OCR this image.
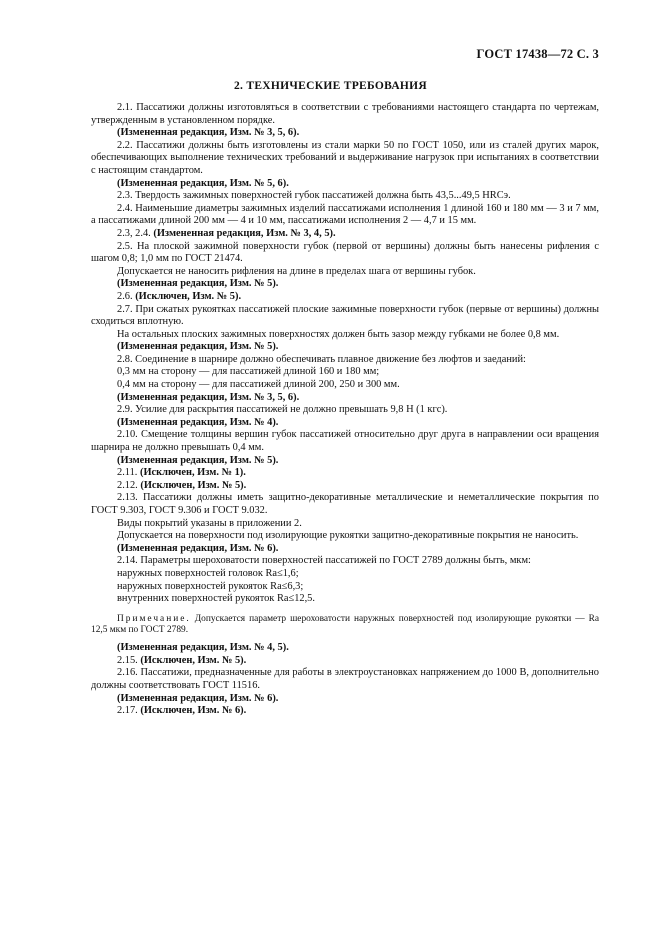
ГОСТ 17438—72 С. 3
2. ТЕХНИЧЕСКИЕ ТРЕБОВАНИЯ

2.1. Пассатижи должны изготовляться в соответствии с требованиями настоящего стандарта по чертежам, утвержденным в установленном порядке.

(Измененная редакция, Изм. № 3, 5, 6).

2.2. Пассатижи должны быть изготовлены из стали марки 50 по ГОСТ 1050, или из сталей других марок, обеспечивающих выполнение технических требований и выдерживание нагрузок при испытаниях в соответствии с настоящим стандартом.

(Измененная редакция, Изм. № 5, 6).

2.3. Твердость зажимных поверхностей губок пассатижей должна быть 43,5...49,5 HRCэ.

2.4. Наименьшие диаметры зажимных изделий пассатижами исполнения 1 длиной 160 и 180 мм — 3 и 7 мм, а пассатижами длиной 200 мм — 4 и 10 мм, пассатижами исполнения 2 — 4,7 и 15 мм.

2.3, 2.4. (Измененная редакция, Изм. № 3, 4, 5).

2.5. На плоской зажимной поверхности губок (первой от вершины) должны быть нанесены рифления с шагом 0,8; 1,0 мм по ГОСТ 21474.

Допускается не наносить рифления на длине в пределах шага от вершины губок.

(Измененная редакция, Изм. № 5).

2.6. (Исключен, Изм. № 5).

2.7. При сжатых рукоятках пассатижей плоские зажимные поверхности губок (первые от вершины) должны сходиться вплотную.

На остальных плоских зажимных поверхностях должен быть зазор между губками не более 0,8 мм.

(Измененная редакция, Изм. № 5).

2.8. Соединение в шарнире должно обеспечивать плавное движение без люфтов и заеданий:

0,3 мм на сторону — для пассатижей длиной 160 и 180 мм;

0,4 мм на сторону — для пассатижей длиной 200, 250 и 300 мм.

(Измененная редакция, Изм. № 3, 5, 6).

2.9. Усилие для раскрытия пассатижей не должно превышать 9,8 Н (1 кгс).

(Измененная редакция, Изм. № 4).

2.10. Смещение толщины вершин губок пассатижей относительно друг друга в направлении оси вращения шарнира не должно превышать 0,4 мм.

(Измененная редакция, Изм. № 5).

2.11. (Исключен, Изм. № 1).

2.12. (Исключен, Изм. № 5).

2.13. Пассатижи должны иметь защитно-декоративные металлические и неметаллические покрытия по ГОСТ 9.303, ГОСТ 9.306 и ГОСТ 9.032.

Виды покрытий указаны в приложении 2.

Допускается на поверхности под изолирующие рукоятки защитно-декоративные покрытия не наносить.

(Измененная редакция, Изм. № 6).

2.14. Параметры шероховатости поверхностей пассатижей по ГОСТ 2789 должны быть, мкм:

наружных поверхностей головок Ra≤1,6;

наружных поверхностей рукояток Ra≤6,3;

внутренних поверхностей рукояток Ra≤12,5.

Примечание. Допускается параметр шероховатости наружных поверхностей под изолирующие рукоятки — Ra 12,5 мкм по ГОСТ 2789.

(Измененная редакция, Изм. № 4, 5).

2.15. (Исключен, Изм. № 5).

2.16. Пассатижи, предназначенные для работы в электроустановках напряжением до 1000 В, дополнительно должны соответствовать ГОСТ 11516.

(Измененная редакция, Изм. № 6).

2.17. (Исключен, Изм. № 6).
